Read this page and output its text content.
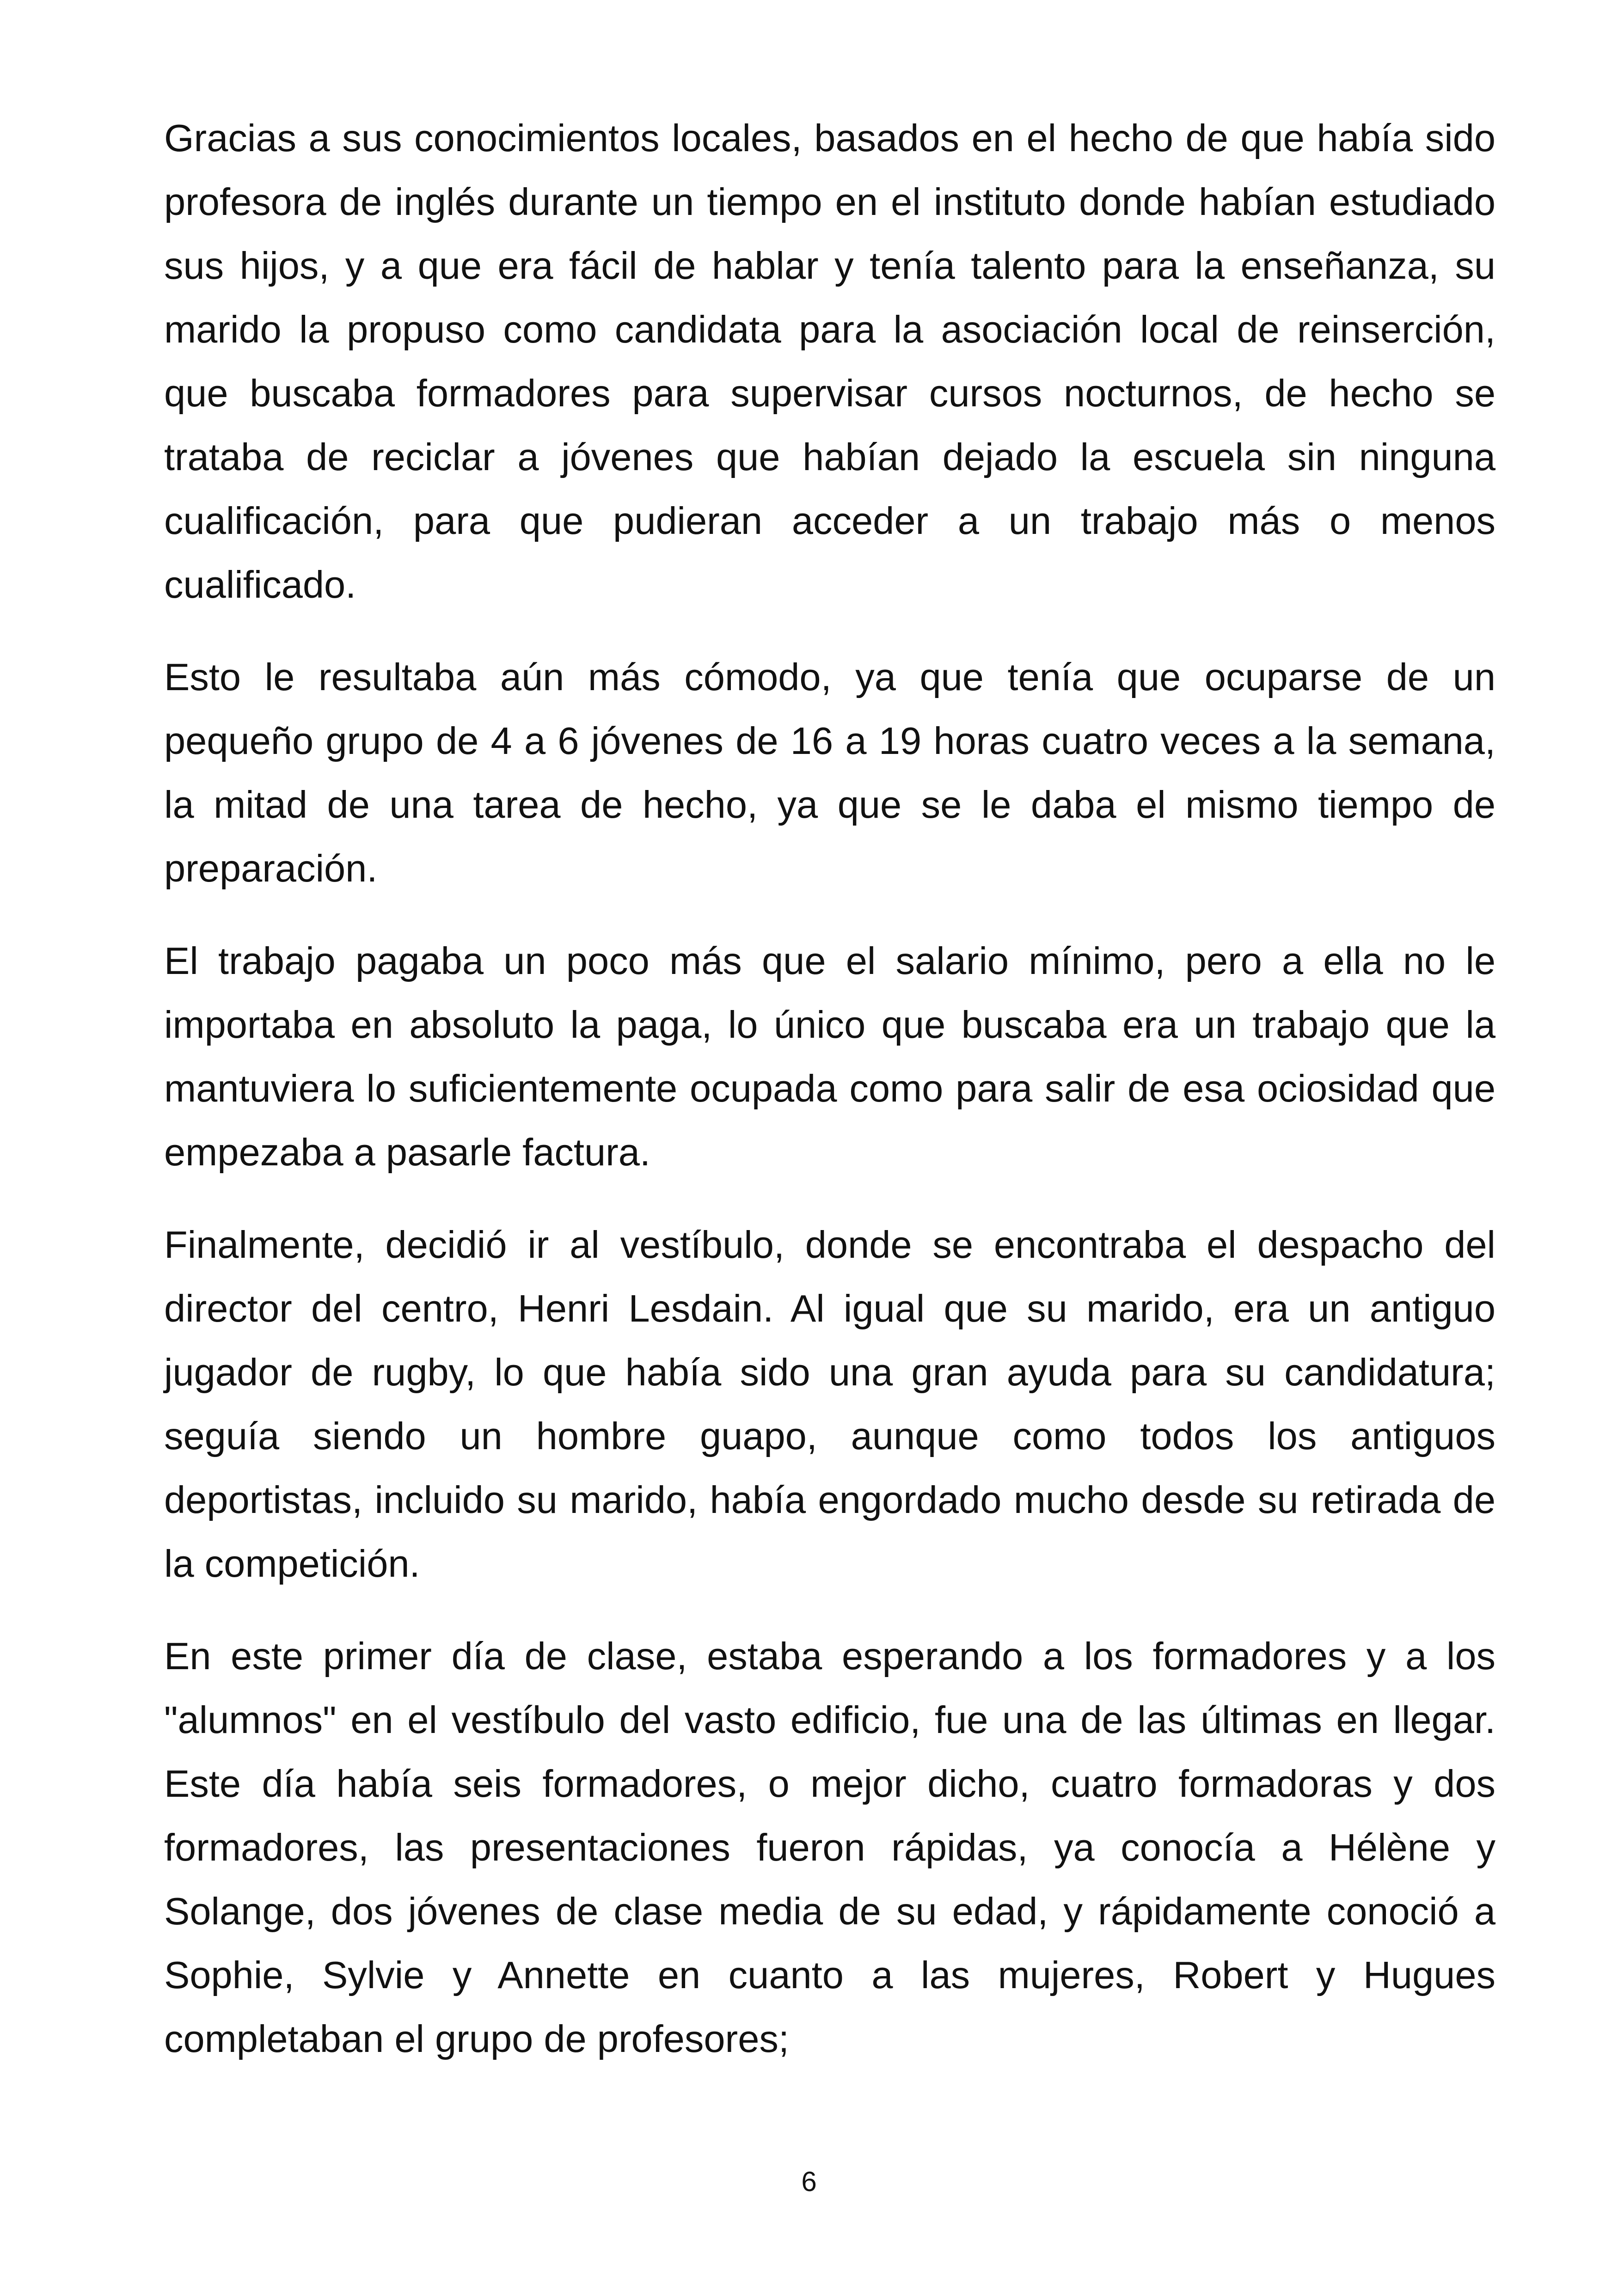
Gracias a sus conocimientos locales, basados en el hecho de que había sido profesora de inglés durante un tiempo en el instituto donde habían estudiado sus hijos, y a que era fácil de hablar y tenía talento para la enseñanza, su marido la propuso como candidata para la asociación local de reinserción, que buscaba formadores para supervisar cursos nocturnos, de hecho se trataba de reciclar a jóvenes que habían dejado la escuela sin ninguna cualificación, para que pudieran acceder a un trabajo más o menos cualificado.

Esto le resultaba aún más cómodo, ya que tenía que ocuparse de un pequeño grupo de 4 a 6 jóvenes de 16 a 19 horas cuatro veces a la semana, la mitad de una tarea de hecho, ya que se le daba el mismo tiempo de preparación.

El trabajo pagaba un poco más que el salario mínimo, pero a ella no le importaba en absoluto la paga, lo único que buscaba era un trabajo que la mantuviera lo suficientemente ocupada como para salir de esa ociosidad que empezaba a pasarle factura.

Finalmente, decidió ir al vestíbulo, donde se encontraba el despacho del director del centro, Henri Lesdain. Al igual que su marido, era un antiguo jugador de rugby, lo que había sido una gran ayuda para su candidatura; seguía siendo un hombre guapo, aunque como todos los antiguos deportistas, incluido su marido, había engordado mucho desde su retirada de la competición.

En este primer día de clase, estaba esperando a los formadores y a los "alumnos" en el vestíbulo del vasto edificio, fue una de las últimas en llegar. Este día había seis formadores, o mejor dicho, cuatro formadoras y dos formadores, las presentaciones fueron rápidas, ya conocía a Hélène y Solange, dos jóvenes de clase media de su edad, y rápidamente conoció a Sophie, Sylvie y Annette en cuanto a las mujeres, Robert y Hugues completaban el grupo de profesores;

6
